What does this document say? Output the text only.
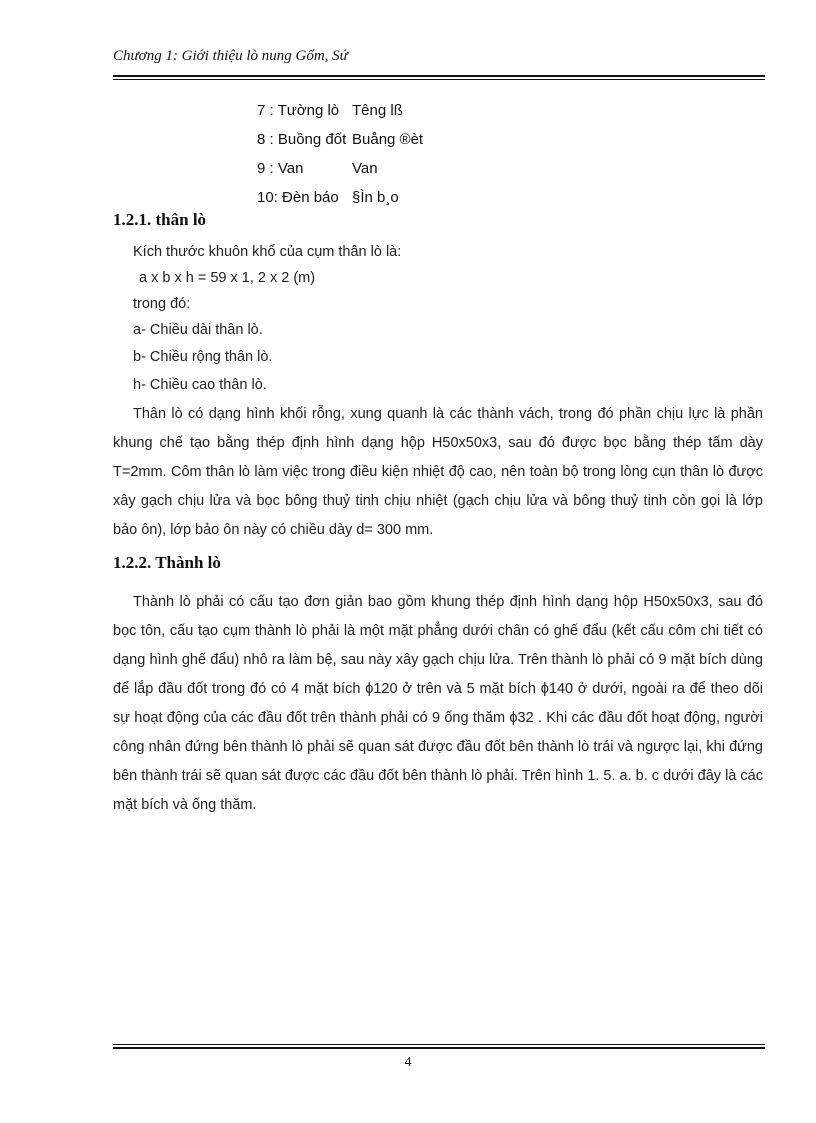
Chương 1: Giới thiệu lò nung Gốm, Sứ
7 : Tường lò Têng lß
8 : Buồng đốt Buång ®èt
9 : Van	Van
10: Đèn báo §Ìn b¸o
1.2.1. thân lò
Kích thước khuôn khổ của cụm thân lò là:
a x b x h = 59 x 1, 2 x 2 (m)
trong đó:
a- Chiều dài thân lò.
b- Chiều rộng thân lò.
h- Chiều cao thân lò.

Thân lò có dạng hình khối rỗng, xung quanh là các thành vách, trong đó phần chịu lực là phần khung chế tạo bằng thép định hình dạng hộp H50x50x3, sau đó được bọc bằng thép tấm dày T=2mm. Côm thân lò làm việc trong điều kiện nhiệt độ cao, nên toàn bộ trong lòng cụn thân lò được xây gạch chịu lửa và bọc bông thuỷ tinh chịu nhiệt (gạch chịu lửa và bông thuỷ tinh còn gọi là lớp bảo ôn), lớp bảo ôn này có chiều dày d= 300 mm.

1.2.2. Thành lò

Thành lò phải có cấu tạo đơn giản bao gồm khung thép định hình dạng hộp H50x50x3, sau đó bọc tôn, cấu tạo cụm thành lò phải là một mặt phẳng dưới chân có ghế đẩu (kết cấu côm chi tiết có dạng hình ghế đẩu) nhô ra làm bệ, sau này xây gạch chịu lửa. Trên thành lò phải có 9 mặt bích dùng để lắp đầu đốt trong đó có 4 mặt bích ϕ120 ở trên và 5 mặt bích ϕ140 ở dưới, ngoài ra để theo dõi sự hoạt động của các đầu đốt trên thành phải có 9 ống thăm ϕ32 . Khi các đầu đốt hoạt động, người công nhân đứng bên thành lò phải sẽ quan sát được đầu đốt bên thành lò trái và ngược lại, khi đứng bên thành trái sẽ quan sát được các đầu đốt bên thành lò phải. Trên hình 1. 5. a. b. c dưới đây là các mặt bích và ống thăm.

4
